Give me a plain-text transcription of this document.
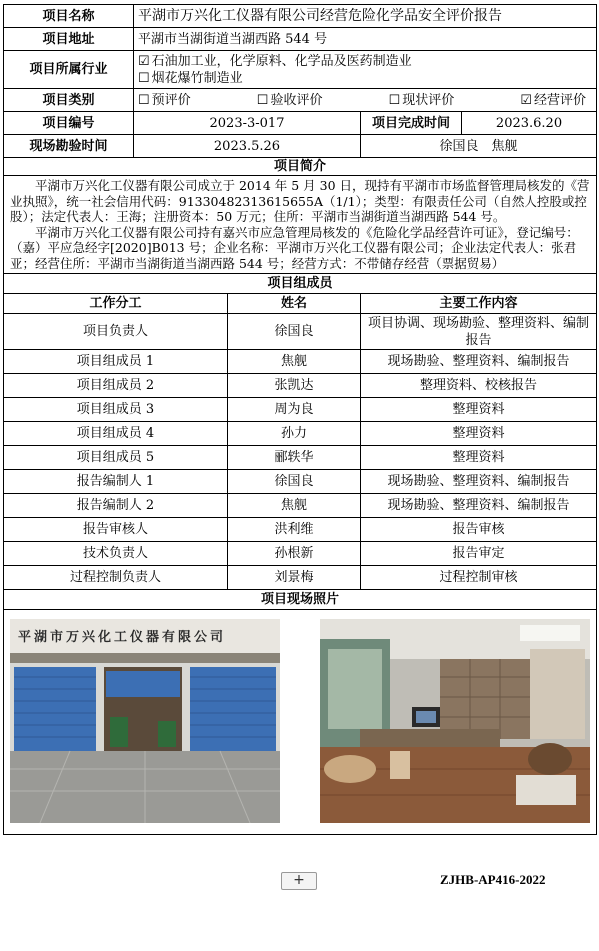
项目名称	平湖市万兴化工仪器有限公司经营危险化学品安全评价报告			
项目地址	平湖市当湖街道当湖西路 544 号			
项目所属行业	☑ 石油加工业，化学原料、化学品及医药制造业
☐ 烟花爆竹制造业			

项目类别	☐ 预评价 ☐ 验收评价 ☐ 现状评价 ☑ 经营评价			

项目编号	2023-3-017		项目完成时间	2023.6.20
现场勘验时间	2023.5.26		徐国良　焦舰	
项目简介				

平湖市万兴化工仪器有限公司成立于 2014 年 5 月 30 日，现持有平湖市市场监督管理局核发的《营业执照》，统一社会信用代码：91330482313615655A（1/1）；类型：有限责任公司（自然人控股或控股）；法定代表人：王海；注册资本：50 万元；住所：平湖市当湖街道当湖西路 544 号。

平湖市万兴化工仪器有限公司持有嘉兴市应急管理局核发的《危险化学品经营许可证》，登记编号：（嘉）平应急经字[2020]B013 号；企业名称：平湖市万兴化工仪器有限公司；企业法定代表人：张君亚；经营住所：平湖市当湖街道当湖西路 544 号；经营方式：不带储存经营（票据贸易）				

项目组成员				
工作分工		姓名	主要工作内容	
项目负责人		徐国良	项目协调、现场勘验、整理资料、编制报告	
项目组成员 1		焦舰	现场勘验、整理资料、编制报告	
项目组成员 2		张凯达	整理资料、校核报告	
项目组成员 3		周为良	整理资料	
项目组成员 4		孙力	整理资料	
项目组成员 5		郦轶华	整理资料	
报告编制人 1		徐国良	现场勘验、整理资料、编制报告	
报告编制人 2		焦舰	现场勘验、整理资料、编制报告	
报告审核人		洪利维	报告审核	
技术负责人		孙根新	报告审定	
过程控制负责人		刘景梅	过程控制审核	
项目现场照片				

平湖市万兴化工仪器有限公司				
+	ZJHB-AP416-2022
